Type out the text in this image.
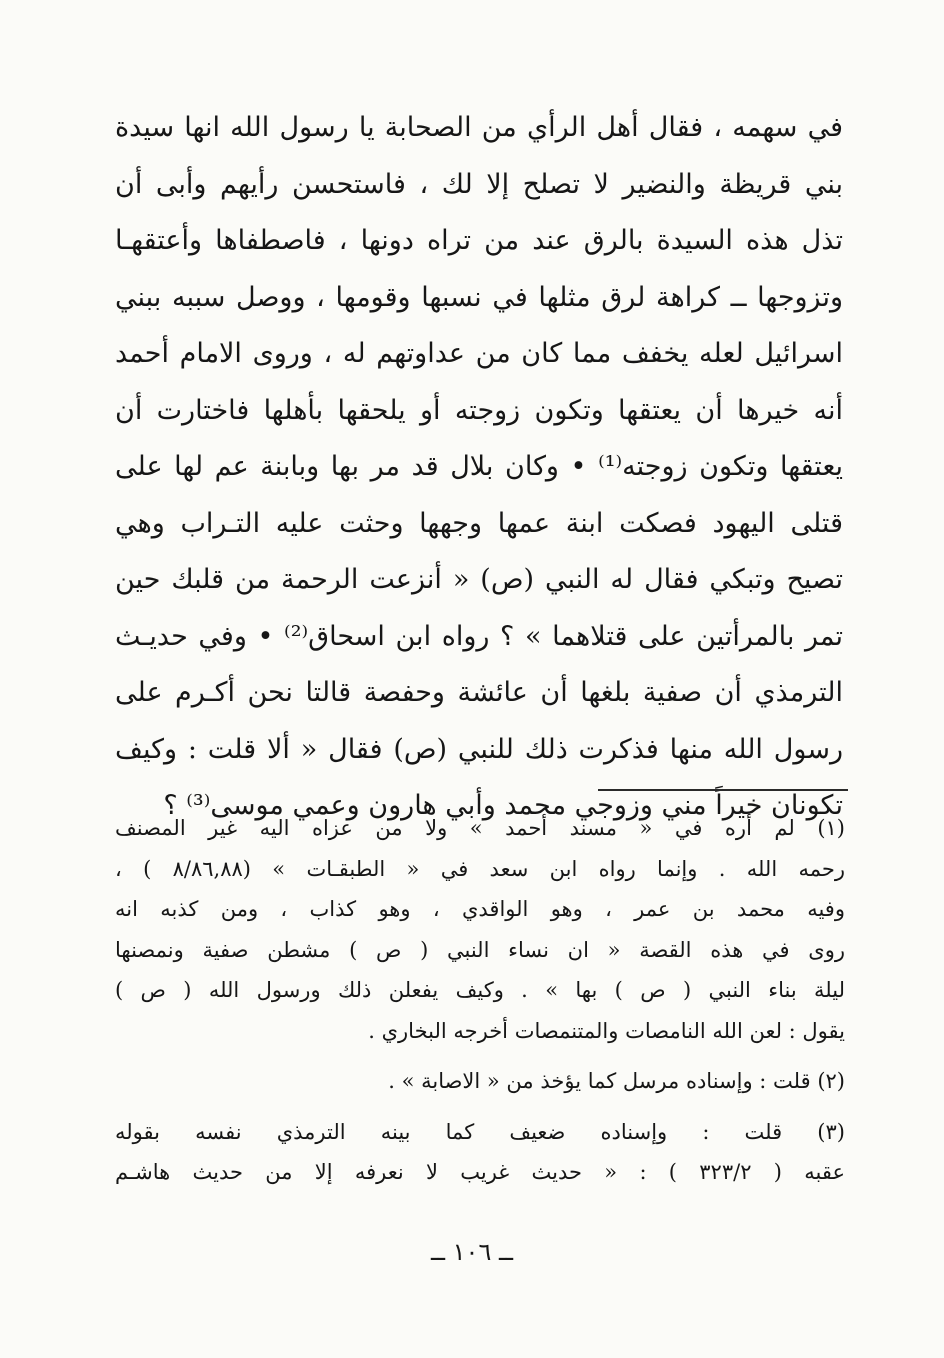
في سهمه ، فقال أهل الرأي من الصحابة يا رسول الله انها سيدة
بني قريظة والنضير لا تصلح إلا لك ، فاستحسن رأيهم وأبى أن
تذل هذه السيدة بالرق عند من تراه دونها ، فاصطفاها وأعتقهـا
وتزوجها ــ كراهة لرق مثلها في نسبها وقومها ، ووصل سببه ببني
اسرائيل لعله يخفف مما كان من عداوتهم له ، وروى الامام أحمد
أنه خيرها أن يعتقها وتكون زوجته أو يلحقها بأهلها فاختارت أن
يعتقها وتكون زوجته⁽¹⁾ • وكان بلال قد مر بها وبابنة عم لها على
قتلى اليهود فصكت ابنة عمها وجهها وحثت عليه التـراب وهي
تصيح وتبكي فقال له النبي (ص) « أنزعت الرحمة من قلبك حين
تمر بالمرأتين على قتلاهما » ؟ رواه ابن اسحاق⁽²⁾ • وفي حديـث
الترمذي أن صفية بلغها أن عائشة وحفصة قالتا نحن أكـرم على
رسول الله منها فذكرت ذلك للنبي (ص) فقال « ألا قلت : وكيف
تكونان خيراً مني وزوجي محمد وأبي هارون وعمي موسى⁽³⁾ ؟
(١) لم أره في « مسند أحمد » ولا من عزاه اليه غير المصنف
رحمه الله . وإنما رواه ابن سعد في « الطبقـات » (٨/٨٦,٨٨ ) ،
وفيه محمد بن عمر ، وهو الواقدي ، وهو كذاب ، ومن كذبه انه
روى في هذه القصة « ان نساء النبي ( ص ) مشطن صفية ونمصنها
ليلة بناء النبي ( ص ) بها » . وكيف يفعلن ذلك ورسول الله ( ص )
يقول : لعن الله النامصات والمتنمصات أخرجه البخاري .
(٢) قلت : وإسناده مرسل كما يؤخذ من « الاصابة » .
(٣) قلت : وإسناده ضعيف كما بينه الترمذي نفسه بقوله
عقبه ( ٣٢٣/٢ ) : « حديث غريب لا نعرفه إلا من حديث هاشـم
ــ ١٠٦ ــ
